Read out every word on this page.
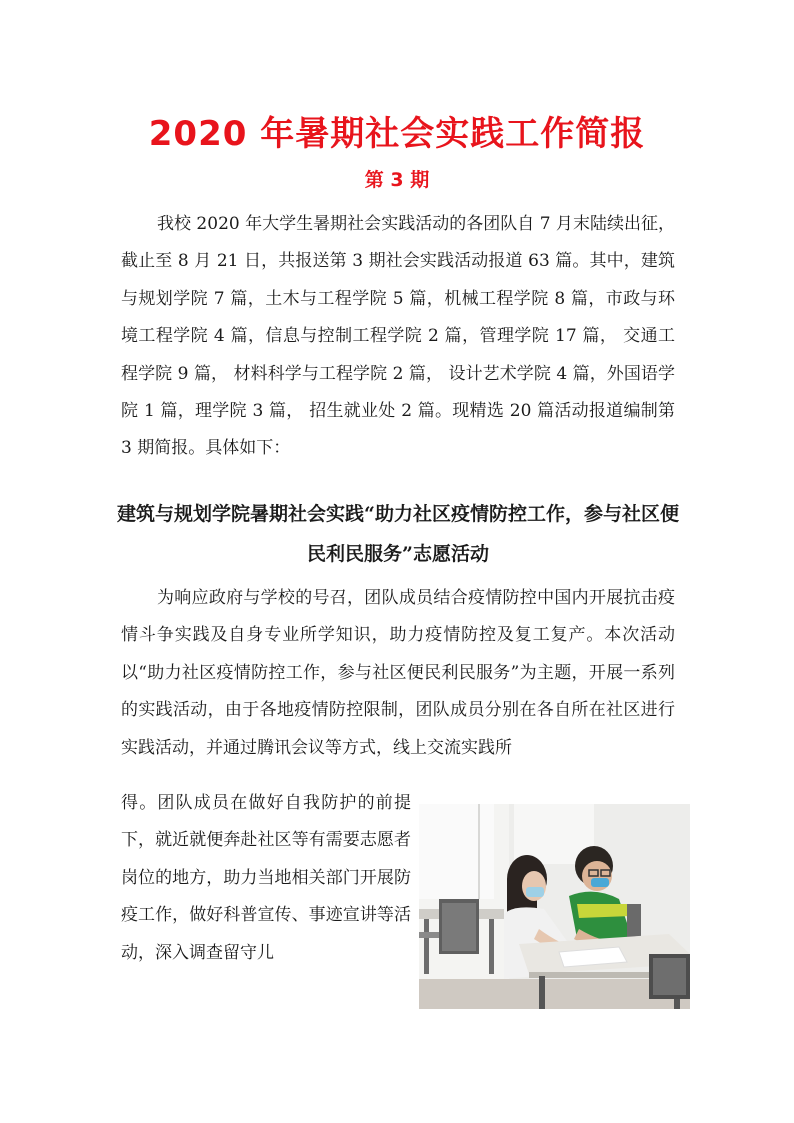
2020 年暑期社会实践工作简报
第 3 期

我校 2020 年大学生暑期社会实践活动的各团队自 7 月末陆续出征，截止至 8 月 21 日，共报送第 3 期社会实践活动报道 63 篇。其中，建筑与规划学院 7 篇，土木与工程学院 5 篇，机械工程学院 8 篇，市政与环境工程学院 4 篇，信息与控制工程学院 2 篇，管理学院 17 篇， 交通工程学院 9 篇， 材料科学与工程学院 2 篇， 设计艺术学院 4 篇，外国语学院 1 篇，理学院 3 篇， 招生就业处 2 篇。现精选 20 篇活动报道编制第 3 期简报。具体如下：

建筑与规划学院暑期社会实践“助力社区疫情防控工作，参与社区便民利民服务”志愿活动

为响应政府与学校的号召，团队成员结合疫情防控中国内开展抗击疫情斗争实践及自身专业所学知识，助力疫情防控及复工复产。本次活动以“助力社区疫情防控工作，参与社区便民利民服务”为主题，开展一系列的实践活动，由于各地疫情防控限制，团队成员分别在各自所在社区进行实践活动，并通过腾讯会议等方式，线上交流实践所

得。团队成员在做好自我防护的前提下，就近就便奔赴社区等有需要志愿者岗位的地方，助力当地相关部门开展防疫工作，做好科普宣传、事迹宣讲等活动，深入调查留守儿
